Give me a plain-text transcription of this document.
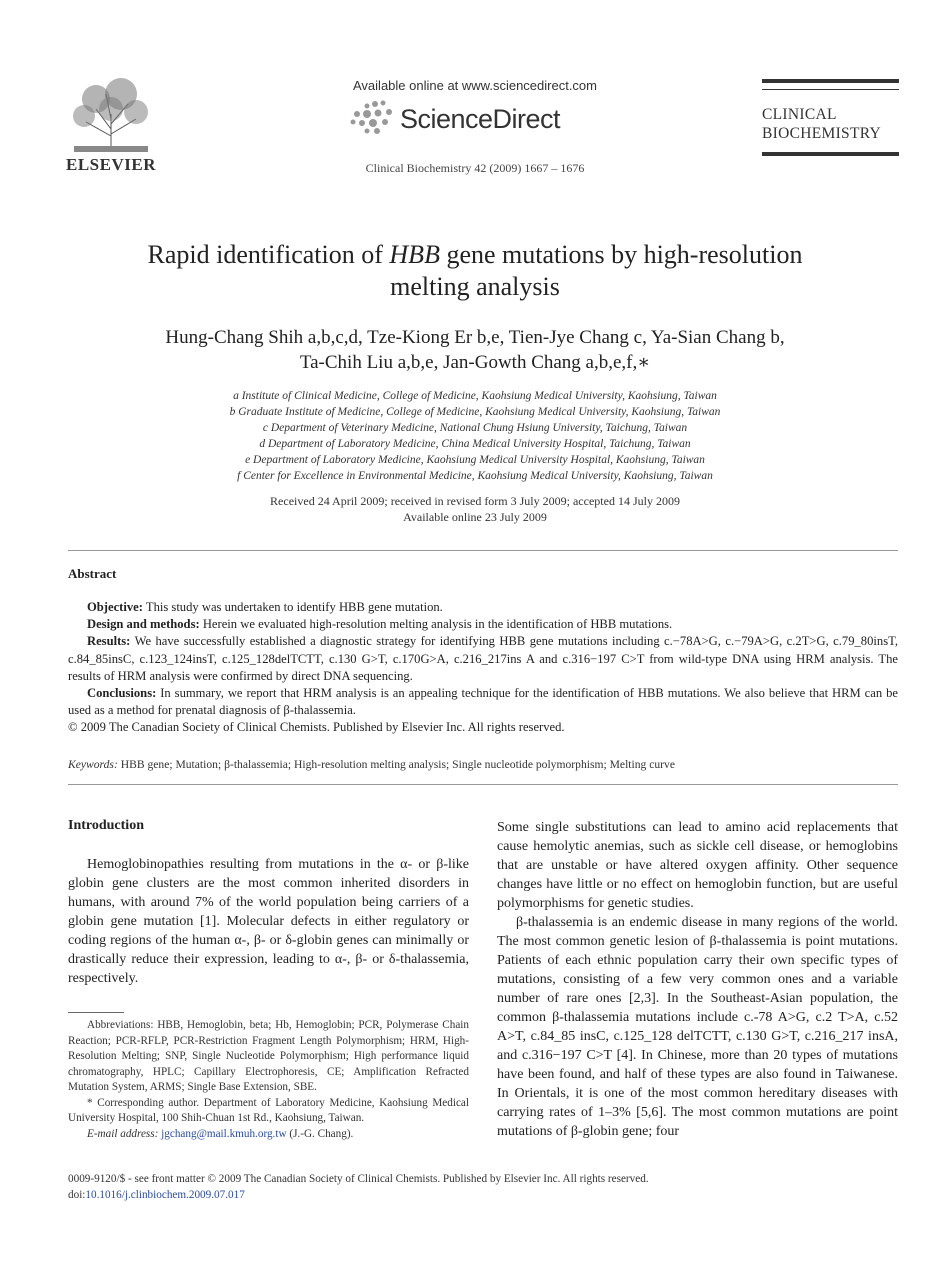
ELSEVIER
Available online at www.sciencedirect.com
ScienceDirect
Clinical Biochemistry 42 (2009) 1667 – 1676
CLINICAL
BIOCHEMISTRY
Rapid identification of HBB gene mutations by high-resolution
melting analysis
Hung-Chang Shih a,b,c,d, Tze-Kiong Er b,e, Tien-Jye Chang c, Ya-Sian Chang b,
Ta-Chih Liu a,b,e, Jan-Gowth Chang a,b,e,f,∗
a Institute of Clinical Medicine, College of Medicine, Kaohsiung Medical University, Kaohsiung, Taiwan
b Graduate Institute of Medicine, College of Medicine, Kaohsiung Medical University, Kaohsiung, Taiwan
c Department of Veterinary Medicine, National Chung Hsiung University, Taichung, Taiwan
d Department of Laboratory Medicine, China Medical University Hospital, Taichung, Taiwan
e Department of Laboratory Medicine, Kaohsiung Medical University Hospital, Kaohsiung, Taiwan
f Center for Excellence in Environmental Medicine, Kaohsiung Medical University, Kaohsiung, Taiwan
Received 24 April 2009; received in revised form 3 July 2009; accepted 14 July 2009
Available online 23 July 2009
Abstract

Objective: This study was undertaken to identify HBB gene mutation.

Design and methods: Herein we evaluated high-resolution melting analysis in the identification of HBB mutations.

Results: We have successfully established a diagnostic strategy for identifying HBB gene mutations including c.−78A>G, c.−79A>G, c.2T>G, c.79_80insT, c.84_85insC, c.123_124insT, c.125_128delTCTT, c.130 G>T, c.170G>A, c.216_217ins A and c.316−197 C>T from wild-type DNA using HRM analysis. The results of HRM analysis were confirmed by direct DNA sequencing.

Conclusions: In summary, we report that HRM analysis is an appealing technique for the identification of HBB mutations. We also believe that HRM can be used as a method for prenatal diagnosis of β-thalassemia.

© 2009 The Canadian Society of Clinical Chemists. Published by Elsevier Inc. All rights reserved.

Keywords: HBB gene; Mutation; β-thalassemia; High-resolution melting analysis; Single nucleotide polymorphism; Melting curve
Introduction

Hemoglobinopathies resulting from mutations in the α- or β-like globin gene clusters are the most common inherited disorders in humans, with around 7% of the world population being carriers of a globin gene mutation [1]. Molecular defects in either regulatory or coding regions of the human α-, β- or δ-globin genes can minimally or drastically reduce their expression, leading to α-, β- or δ-thalassemia, respectively.

Some single substitutions can lead to amino acid replacements that cause hemolytic anemias, such as sickle cell disease, or hemoglobins that are unstable or have altered oxygen affinity. Other sequence changes have little or no effect on hemoglobin function, but are useful polymorphisms for genetic studies.

β-thalassemia is an endemic disease in many regions of the world. The most common genetic lesion of β-thalassemia is point mutations. Patients of each ethnic population carry their own specific types of mutations, consisting of a few very common ones and a variable number of rare ones [2,3]. In the Southeast-Asian population, the common β-thalassemia mutations include c.-78 A>G, c.2 T>A, c.52 A>T, c.84_85 insC, c.125_128 delTCTT, c.130 G>T, c.216_217 insA, and c.316−197 C>T [4]. In Chinese, more than 20 types of mutations have been found, and half of these types are also found in Taiwanese. In Orientals, it is one of the most common hereditary diseases with carrying rates of 1–3% [5,6]. The most common mutations are point mutations of β-globin gene; four

Abbreviations: HBB, Hemoglobin, beta; Hb, Hemoglobin; PCR, Polymerase Chain Reaction; PCR-RFLP, PCR-Restriction Fragment Length Polymorphism; HRM, High-Resolution Melting; SNP, Single Nucleotide Polymorphism; High performance liquid chromatography, HPLC; Capillary Electrophoresis, CE; Amplification Refracted Mutation System, ARMS; Single Base Extension, SBE.

* Corresponding author. Department of Laboratory Medicine, Kaohsiung Medical University Hospital, 100 Shih-Chuan 1st Rd., Kaohsiung, Taiwan.

E-mail address: jgchang@mail.kmuh.org.tw (J.-G. Chang).

0009-9120/$ - see front matter © 2009 The Canadian Society of Clinical Chemists. Published by Elsevier Inc. All rights reserved.
doi:10.1016/j.clinbiochem.2009.07.017
